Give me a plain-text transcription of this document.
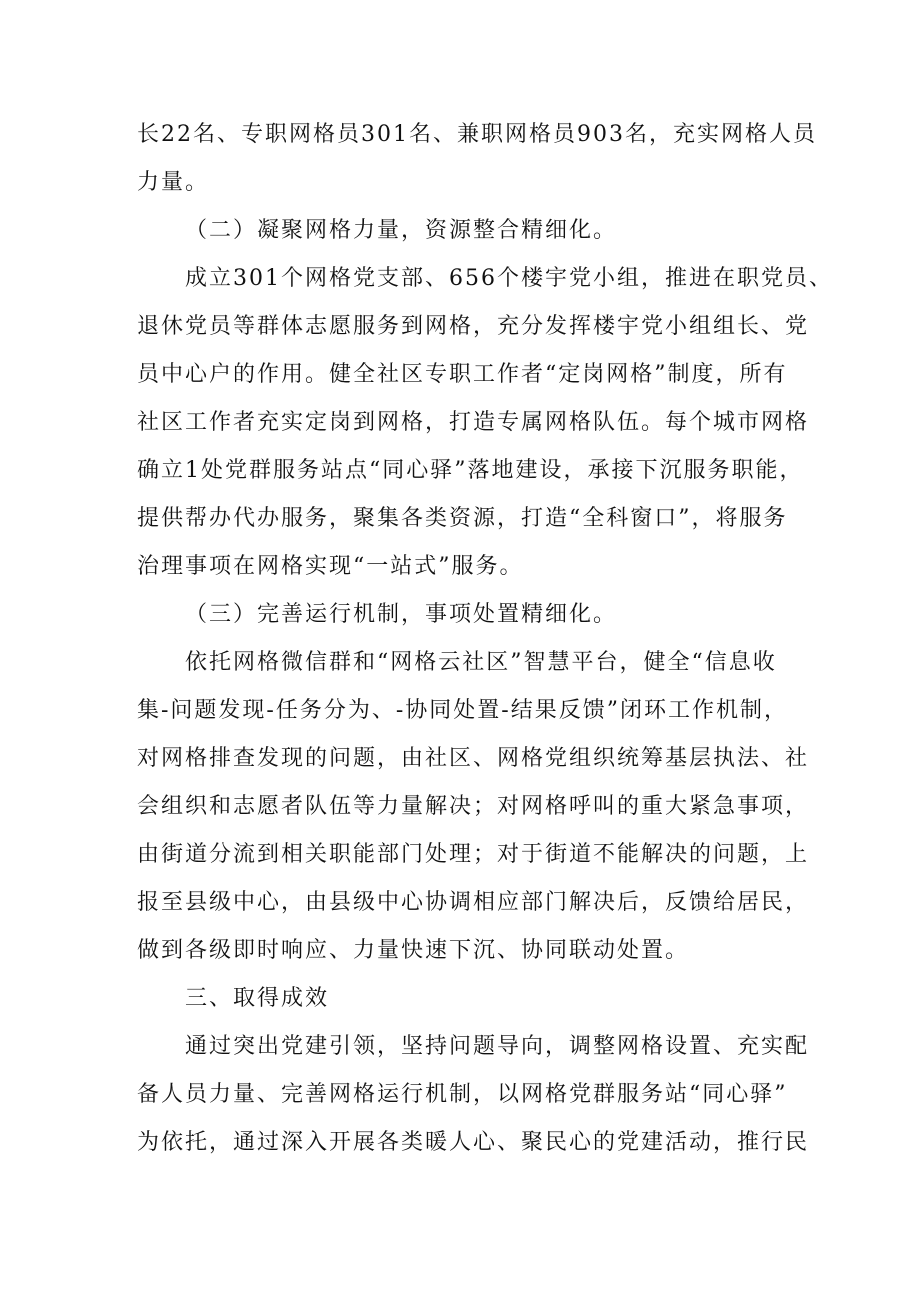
长22名、专职网格员301名、兼职网格员903名，充实网格人员
力量。
（二）凝聚网格力量，资源整合精细化。
成立301个网格党支部、656个楼宇党小组，推进在职党员、
退休党员等群体志愿服务到网格，充分发挥楼宇党小组组长、党
员中心户的作用。健全社区专职工作者“定岗网格”制度，所有
社区工作者充实定岗到网格，打造专属网格队伍。每个城市网格
确立1处党群服务站点“同心驿”落地建设，承接下沉服务职能，
提供帮办代办服务，聚集各类资源，打造“全科窗口”，将服务
治理事项在网格实现“一站式”服务。
（三）完善运行机制，事项处置精细化。
依托网格微信群和“网格云社区”智慧平台，健全“信息收
集-问题发现-任务分为、-协同处置-结果反馈”闭环工作机制，
对网格排查发现的问题，由社区、网格党组织统筹基层执法、社
会组织和志愿者队伍等力量解决；对网格呼叫的重大紧急事项，
由街道分流到相关职能部门处理；对于街道不能解决的问题，上
报至县级中心，由县级中心协调相应部门解决后，反馈给居民，
做到各级即时响应、力量快速下沉、协同联动处置。
三、取得成效
通过突出党建引领，坚持问题导向，调整网格设置、充实配
备人员力量、完善网格运行机制，以网格党群服务站“同心驿”
为依托，通过深入开展各类暖人心、聚民心的党建活动，推行民
